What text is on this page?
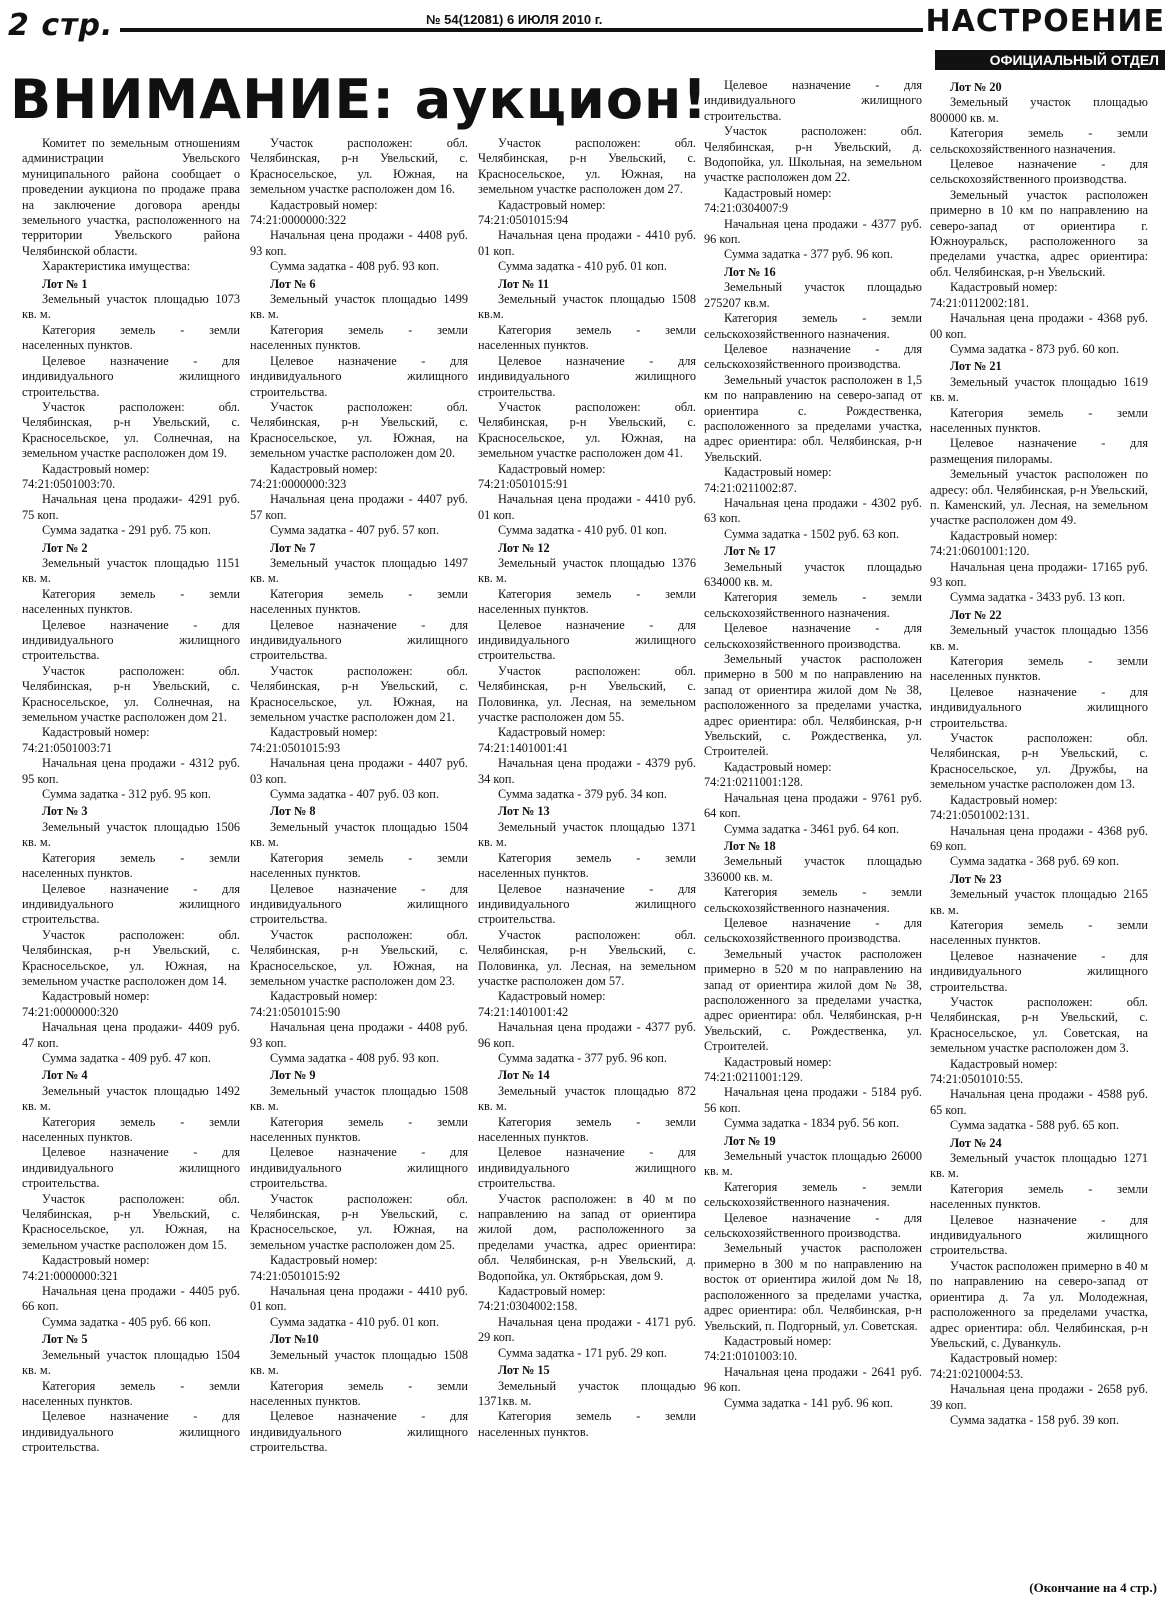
2 стр.	№ 54(12081) 6 ИЮЛЯ 2010 г.	НАСТРОЕНИЕ
ОФИЦИАЛЬНЫЙ ОТДЕЛ
ВНИМАНИЕ: аукцион!

Комитет по земельным отношениям администрации Увельского муниципального района сообщает о проведении аукциона по продаже права на заключение договора аренды земельного участка, расположенного на территории Увельского района Челябинской области.

Характеристика имущества:

Лот № 1

Земельный участок площадью 1073 кв. м.

Категория земель - земли населенных пунктов.

Целевое назначение - для индивидуального жилищного строительства.

Участок расположен: обл. Челябинская, р-н Увельский, с. Красносельское, ул. Солнечная, на земельном участке расположен дом 19.

Кадастровый номер:

74:21:0501003:70.

Начальная цена продажи- 4291 руб. 75 коп.

Сумма задатка - 291 руб. 75 коп.

Лот № 2

Земельный участок площадью 1151 кв. м.

Категория земель - земли населенных пунктов.

Целевое назначение - для индивидуального жилищного строительства.

Участок расположен: обл. Челябинская, р-н Увельский, с. Красносельское, ул. Солнечная, на земельном участке расположен дом 21.

Кадастровый номер:

74:21:0501003:71

Начальная цена продажи - 4312 руб. 95 коп.

Сумма задатка - 312 руб. 95 коп.

Лот № 3

Земельный участок площадью 1506 кв. м.

Категория земель - земли населенных пунктов.

Целевое назначение - для индивидуального жилищного строительства.

Участок расположен: обл. Челябинская, р-н Увельский, с. Красносельское, ул. Южная, на земельном участке расположен дом 14.

Кадастровый номер:

74:21:0000000:320

Начальная цена продажи- 4409 руб. 47 коп.

Сумма задатка - 409 руб. 47 коп.

Лот № 4

Земельный участок площадью 1492 кв. м.

Категория земель - земли населенных пунктов.

Целевое назначение - для индивидуального жилищного строительства.

Участок расположен: обл. Челябинская, р-н Увельский, с. Красносельское, ул. Южная, на земельном участке расположен дом 15.

Кадастровый номер:

74:21:0000000:321

Начальная цена продажи - 4405 руб. 66 коп.

Сумма задатка - 405 руб. 66 коп.

Лот № 5

Земельный участок площадью 1504 кв. м.

Категория земель - земли населенных пунктов.

Целевое назначение - для индивидуального жилищного строительства.

Участок расположен: обл. Челябинская, р-н Увельский, с. Красносельское, ул. Южная, на земельном участке расположен дом 16.

Кадастровый номер:

74:21:0000000:322

Начальная цена продажи - 4408 руб. 93 коп.

Сумма задатка - 408 руб. 93 коп.

Лот № 6

Земельный участок площадью 1499 кв. м.

Категория земель - земли населенных пунктов.

Целевое назначение - для индивидуального жилищного строительства.

Участок расположен: обл. Челябинская, р-н Увельский, с. Красносельское, ул. Южная, на земельном участке расположен дом 20.

Кадастровый номер:

74:21:0000000:323

Начальная цена продажи - 4407 руб. 57 коп.

Сумма задатка - 407 руб. 57 коп.

Лот № 7

Земельный участок площадью 1497 кв. м.

Категория земель - земли населенных пунктов.

Целевое назначение - для индивидуального жилищного строительства.

Участок расположен: обл. Челябинская, р-н Увельский, с. Красносельское, ул. Южная, на земельном участке расположен дом 21.

Кадастровый номер:

74:21:0501015:93

Начальная цена продажи - 4407 руб. 03 коп.

Сумма задатка - 407 руб. 03 коп.

Лот № 8

Земельный участок площадью 1504 кв. м.

Категория земель - земли населенных пунктов.

Целевое назначение - для индивидуального жилищного строительства.

Участок расположен: обл. Челябинская, р-н Увельский, с. Красносельское, ул. Южная, на земельном участке расположен дом 23.

Кадастровый номер:

74:21:0501015:90

Начальная цена продажи - 4408 руб. 93 коп.

Сумма задатка - 408 руб. 93 коп.

Лот № 9

Земельный участок площадью 1508 кв. м.

Категория земель - земли населенных пунктов.

Целевое назначение - для индивидуального жилищного строительства.

Участок расположен: обл. Челябинская, р-н Увельский, с. Красносельское, ул. Южная, на земельном участке расположен дом 25.

Кадастровый номер:

74:21:0501015:92

Начальная цена продажи - 4410 руб. 01 коп.

Сумма задатка - 410 руб. 01 коп.

Лот №10

Земельный участок площадью 1508 кв. м.

Категория земель - земли населенных пунктов.

Целевое назначение - для индивидуального жилищного строительства.

Участок расположен: обл. Челябинская, р-н Увельский, с. Красносельское, ул. Южная, на земельном участке расположен дом 27.

Кадастровый номер:

74:21:0501015:94

Начальная цена продажи - 4410 руб. 01 коп.

Сумма задатка - 410 руб. 01 коп.

Лот № 11

Земельный участок площадью 1508 кв.м.

Категория земель - земли населенных пунктов.

Целевое назначение - для индивидуального жилищного строительства.

Участок расположен: обл. Челябинская, р-н Увельский, с. Красносельское, ул. Южная, на земельном участке расположен дом 41.

Кадастровый номер:

74:21:0501015:91

Начальная цена продажи - 4410 руб. 01 коп.

Сумма задатка - 410 руб. 01 коп.

Лот № 12

Земельный участок площадью 1376 кв. м.

Категория земель - земли населенных пунктов.

Целевое назначение - для индивидуального жилищного строительства.

Участок расположен: обл. Челябинская, р-н Увельский, с. Половинка, ул. Лесная, на земельном участке расположен дом 55.

Кадастровый номер:

74:21:1401001:41

Начальная цена продажи - 4379 руб. 34 коп.

Сумма задатка - 379 руб. 34 коп.

Лот № 13

Земельный участок площадью 1371 кв. м.

Категория земель - земли населенных пунктов.

Целевое назначение - для индивидуального жилищного строительства.

Участок расположен: обл. Челябинская, р-н Увельский, с. Половинка, ул. Лесная, на земельном участке расположен дом 57.

Кадастровый номер:

74:21:1401001:42

Начальная цена продажи - 4377 руб. 96 коп.

Сумма задатка - 377 руб. 96 коп.

Лот № 14

Земельный участок площадью 872 кв. м.

Категория земель - земли населенных пунктов.

Целевое назначение - для индивидуального жилищного строительства.

Участок расположен: в 40 м по направлению на запад от ориентира жилой дом, расположенного за пределами участка, адрес ориентира: обл. Челябинская, р-н Увельский, д. Водопойка, ул. Октябрьская, дом 9.

Кадастровый номер:

74:21:0304002:158.

Начальная цена продажи - 4171 руб. 29 коп.

Сумма задатка - 171 руб. 29 коп.

Лот № 15

Земельный участок площадью 1371кв. м.

Категория земель - земли населенных пунктов.

Целевое назначение - для индивидуального жилищного строительства.

Участок расположен: обл. Челябинская, р-н Увельский, д. Водопойка, ул. Школьная, на земельном участке расположен дом 22.

Кадастровый номер:

74:21:0304007:9

Начальная цена продажи - 4377 руб. 96 коп.

Сумма задатка - 377 руб. 96 коп.

Лот № 16

Земельный участок площадью 275207 кв.м.

Категория земель - земли сельскохозяйственного назначения.

Целевое назначение - для сельскохозяйственного производства.

Земельный участок расположен в 1,5 км по направлению на северо-запад от ориентира с. Рождественка, расположенного за пределами участка, адрес ориентира: обл. Челябинская, р-н Увельский.

Кадастровый номер:

74:21:0211002:87.

Начальная цена продажи - 4302 руб. 63 коп.

Сумма задатка - 1502 руб. 63 коп.

Лот № 17

Земельный участок площадью 634000 кв. м.

Категория земель - земли сельскохозяйственного назначения.

Целевое назначение - для сельскохозяйственного производства.

Земельный участок расположен примерно в 500 м по направлению на запад от ориентира жилой дом № 38, расположенного за пределами участка, адрес ориентира: обл. Челябинская, р-н Увельский, с. Рождественка, ул. Строителей.

Кадастровый номер:

74:21:0211001:128.

Начальная цена продажи - 9761 руб. 64 коп.

Сумма задатка - 3461 руб. 64 коп.

Лот № 18

Земельный участок площадью 336000 кв. м.

Категория земель - земли сельскохозяйственного назначения.

Целевое назначение - для сельскохозяйственного производства.

Земельный участок расположен примерно в 520 м по направлению на запад от ориентира жилой дом № 38, расположенного за пределами участка, адрес ориентира: обл. Челябинская, р-н Увельский, с. Рождественка, ул. Строителей.

Кадастровый номер:

74:21:0211001:129.

Начальная цена продажи - 5184 руб. 56 коп.

Сумма задатка - 1834 руб. 56 коп.

Лот № 19

Земельный участок площадью 26000 кв. м.

Категория земель - земли сельскохозяйственного назначения.

Целевое назначение - для сельскохозяйственного производства.

Земельный участок расположен примерно в 300 м по направлению на восток от ориентира жилой дом № 18, расположенного за пределами участка, адрес ориентира: обл. Челябинская, р-н Увельский, п. Подгорный, ул. Советская.

Кадастровый номер:

74:21:0101003:10.

Начальная цена продажи - 2641 руб. 96 коп.

Сумма задатка - 141 руб. 96 коп.

Лот № 20

Земельный участок площадью 800000 кв. м.

Категория земель - земли сельскохозяйственного назначения.

Целевое назначение - для сельскохозяйственного производства.

Земельный участок расположен примерно в 10 км по направлению на северо-запад от ориентира г. Южноуральск, расположенного за пределами участка, адрес ориентира: обл. Челябинская, р-н Увельский.

Кадастровый номер:

74:21:0112002:181.

Начальная цена продажи - 4368 руб. 00 коп.

Сумма задатка - 873 руб. 60 коп.

Лот № 21

Земельный участок площадью 1619 кв. м.

Категория земель - земли населенных пунктов.

Целевое назначение - для размещения пилорамы.

Земельный участок расположен по адресу: обл. Челябинская, р-н Увельский, п. Каменский, ул. Лесная, на земельном участке расположен дом 49.

Кадастровый номер:

74:21:0601001:120.

Начальная цена продажи- 17165 руб. 93 коп.

Сумма задатка - 3433 руб. 13 коп.

Лот № 22

Земельный участок площадью 1356 кв. м.

Категория земель - земли населенных пунктов.

Целевое назначение - для индивидуального жилищного строительства.

Участок расположен: обл. Челябинская, р-н Увельский, с. Красносельское, ул. Дружбы, на земельном участке расположен дом 13.

Кадастровый номер:

74:21:0501002:131.

Начальная цена продажи - 4368 руб. 69 коп.

Сумма задатка - 368 руб. 69 коп.

Лот № 23

Земельный участок площадью 2165 кв. м.

Категория земель - земли населенных пунктов.

Целевое назначение - для индивидуального жилищного строительства.

Участок расположен: обл. Челябинская, р-н Увельский, с. Красносельское, ул. Советская, на земельном участке расположен дом 3.

Кадастровый номер:

74:21:0501010:55.

Начальная цена продажи - 4588 руб. 65 коп.

Сумма задатка - 588 руб. 65 коп.

Лот № 24

Земельный участок площадью 1271 кв. м.

Категория земель - земли населенных пунктов.

Целевое назначение - для индивидуального жилищного строительства.

Участок расположен примерно в 40 м по направлению на северо-запад от ориентира д. 7а ул. Молодежная, расположенного за пределами участка, адрес ориентира: обл. Челябинская, р-н Увельский, с. Дуванкуль.

Кадастровый номер:

74:21:0210004:53.

Начальная цена продажи - 2658 руб. 39 коп.

Сумма задатка - 158 руб. 39 коп.

(Окончание на 4 стр.)
